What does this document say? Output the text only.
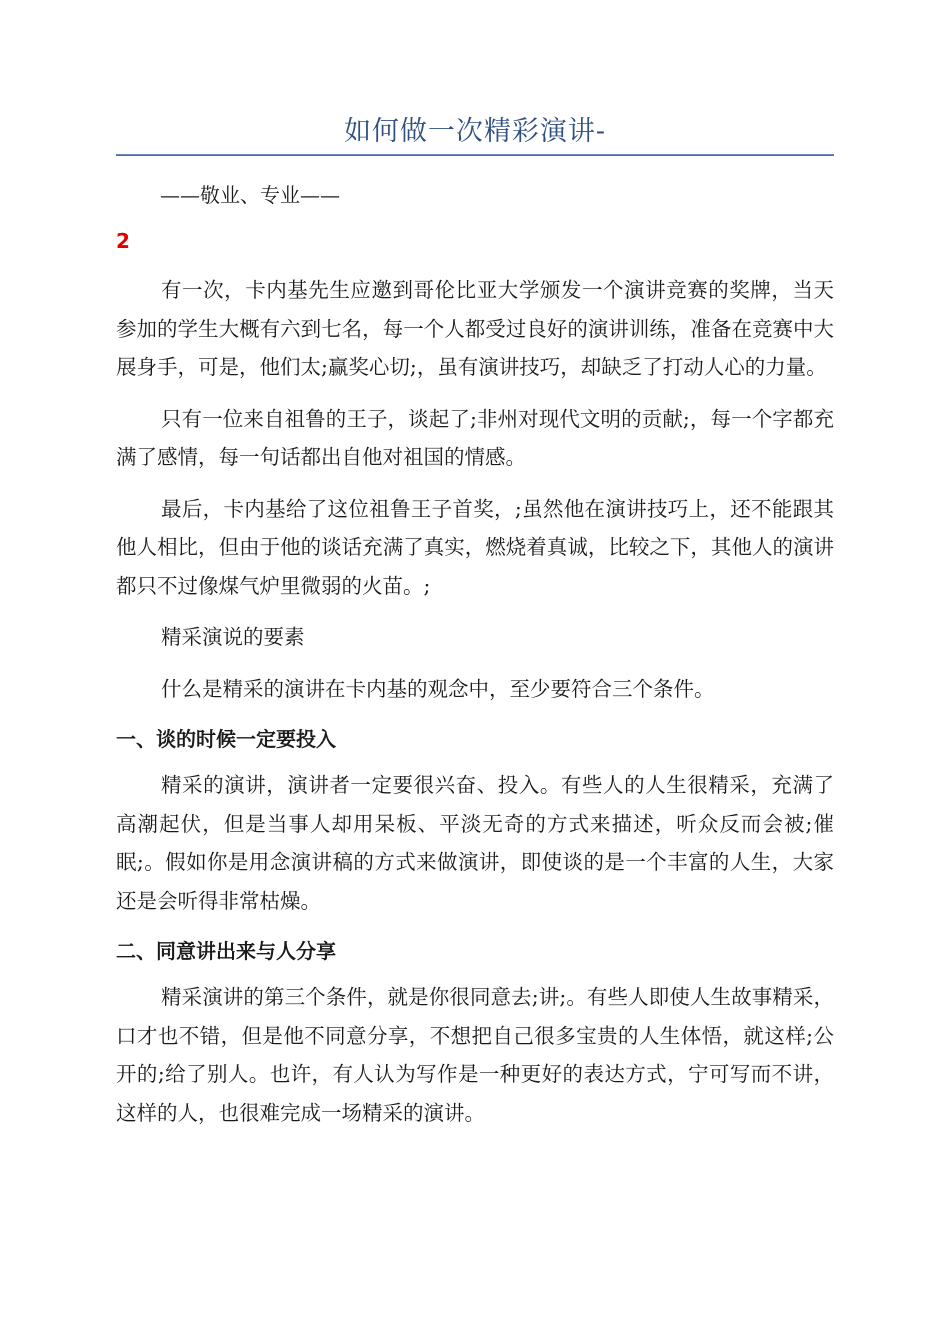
如何做一次精彩演讲-
——敬业、专业——
2

有一次，卡内基先生应邀到哥伦比亚大学颁发一个演讲竞赛的奖牌，当天参加的学生大概有六到七名，每一个人都受过良好的演讲训练，准备在竞赛中大展身手，可是，他们太;赢奖心切;，虽有演讲技巧，却缺乏了打动人心的力量。

只有一位来自祖鲁的王子，谈起了;非州对现代文明的贡献;，每一个字都充满了感情，每一句话都出自他对祖国的情感。

最后，卡内基给了这位祖鲁王子首奖，;虽然他在演讲技巧上，还不能跟其他人相比，但由于他的谈话充满了真实，燃烧着真诚，比较之下，其他人的演讲都只不过像煤气炉里微弱的火苗。;

精采演说的要素

什么是精采的演讲在卡内基的观念中，至少要符合三个条件。

一、谈的时候一定要投入

精采的演讲，演讲者一定要很兴奋、投入。有些人的人生很精采，充满了高潮起伏，但是当事人却用呆板、平淡无奇的方式来描述，听众反而会被;催眠;。假如你是用念演讲稿的方式来做演讲，即使谈的是一个丰富的人生，大家还是会听得非常枯燥。

二、同意讲出来与人分享

精采演讲的第三个条件，就是你很同意去;讲;。有些人即使人生故事精采，口才也不错，但是他不同意分享，不想把自己很多宝贵的人生体悟，就这样;公开的;给了别人。也许，有人认为写作是一种更好的表达方式，宁可写而不讲，这样的人，也很难完成一场精采的演讲。
